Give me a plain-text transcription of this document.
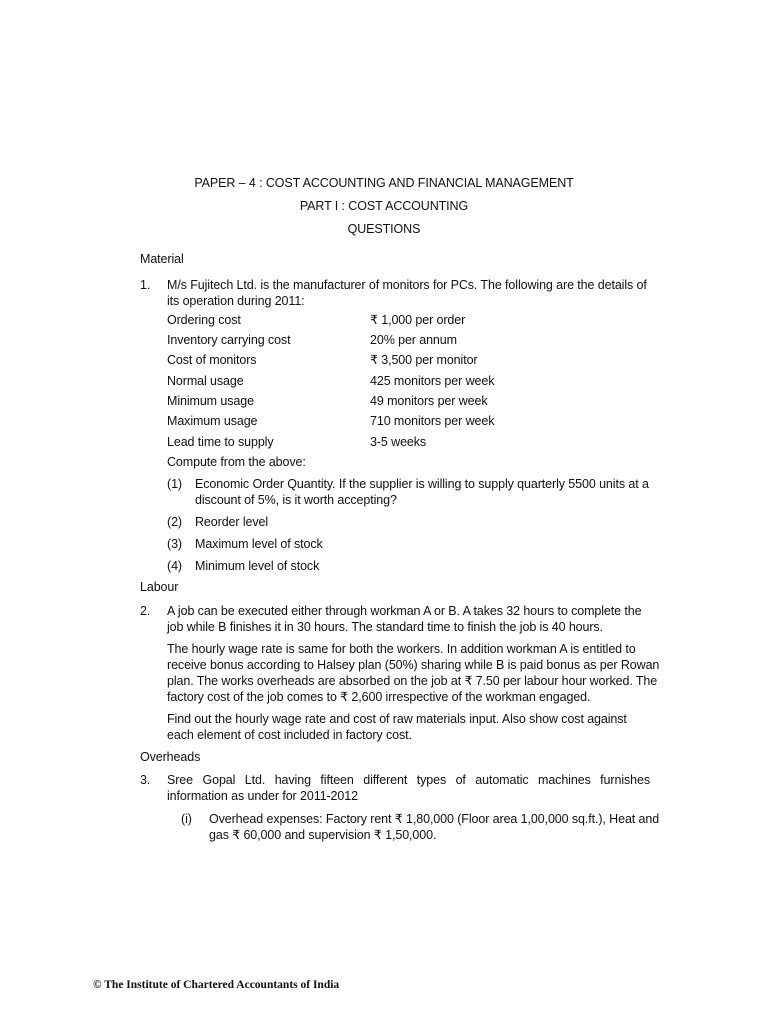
PAPER – 4 : COST ACCOUNTING AND FINANCIAL MANAGEMENT
PART I : COST ACCOUNTING
QUESTIONS
Material
1. M/s Fujitech Ltd. is the manufacturer of monitors for PCs. The following are the details of
its operation during 2011:
Ordering cost	₹ 1,000 per order
Inventory carrying cost	20% per annum
Cost of monitors	₹ 3,500 per monitor
Normal usage	425 monitors per week
Minimum usage	49 monitors per week
Maximum usage	710 monitors per week
Lead time to supply	3-5 weeks
Compute from the above:
(1) Economic Order Quantity. If the supplier is willing to supply quarterly 5500 units at a
discount of 5%, is it worth accepting?
(2) Reorder level
(3) Maximum level of stock
(4) Minimum level of stock
Labour
2. A job can be executed either through workman A or B. A takes 32 hours to complete the
job while B finishes it in 30 hours. The standard time to finish the job is 40 hours.
The hourly wage rate is same for both the workers. In addition workman A is entitled to
receive bonus according to Halsey plan (50%) sharing while B is paid bonus as per Rowan
plan. The works overheads are absorbed on the job at ₹ 7.50 per labour hour worked. The
factory cost of the job comes to ₹ 2,600 irrespective of the workman engaged.
Find out the hourly wage rate and cost of raw materials input. Also show cost against
each element of cost included in factory cost.
Overheads
3. Sree Gopal Ltd. having fifteen different types of automatic machines furnishes
information as under for 2011-2012
(i) Overhead expenses: Factory rent ₹ 1,80,000 (Floor area 1,00,000 sq.ft.), Heat and
gas ₹ 60,000 and supervision ₹ 1,50,000.
© The Institute of Chartered Accountants of India
